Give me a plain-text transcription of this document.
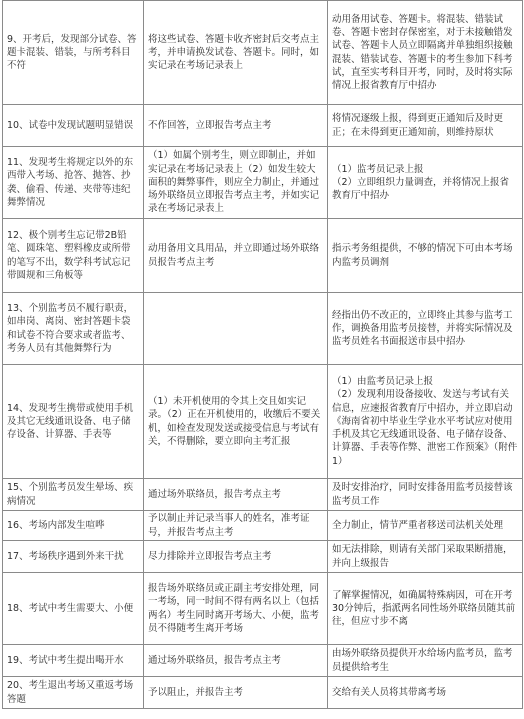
9、开考后，发现部分试卷、答题卡混装、错装，与所考科目不符	将这些试卷、答题卡收齐密封后交考点主考，并申请换发试卷、答题卡。同时，如实记录在考场记录表上	动用备用试卷、答题卡。将混装、错装试卷、答题卡密封存保密室，对于未接触错发试卷、答题卡人员立即隔离并单独组织接触混装、错装试卷、答题卡的考生参加下科考试，直至实考科目开考，同时，及时将实际情况上报省教育厅中招办
10、试卷中发现试题明显错误	不作回答，立即报告考点主考	将情况逐级上报，得到更正通知后及时更正；在未得到更正通知前，则维持原状
11、发现考生将规定以外的东西带入考场、抢答、抛答、抄袭、偷看、传递、夹带等违纪舞弊情况	（1）如属个别考生，则立即制止，并如实记录在考场记录表上（2）如发生较大面积的舞弊事件，则应全力制止，并通过场外联络员立即报告考点主考，并如实记录在考场记录表上	（1）监考员记录上报
（2）立即组织力量调查，并将情况上报省教育厅中招办
12、极个别考生忘记带2B铅笔、圆珠笔、塑料橡皮或所带的笔写不出，数学科考试忘记带圆规和三角板等	动用备用文具用品，并立即通过场外联络员报告考点主考	指示考务组提供，不够的情况下可由本考场内监考员调剂
13、个别监考员不履行职责，如串岗、离岗、密封答题卡袋和试卷不符合要求或者监考、考务人员有其他舞弊行为		经指出仍不改正的，立即终止其参与监考工作，调换备用监考员接替，并将实际情况及监考员姓名书面报送市县中招办
14、发现考生携带或使用手机及其它无线通讯设备、电子储存设备、计算器、手表等	（1）未开机使用的令其上交且如实记录。（2）正在开机使用的，收缴后不要关机，如检查发现发送或接受信息与考试有关，不得删除，要立即向主考汇报	（1）由监考员记录上报
（2）发现利用设备接收、发送与考试有关信息，应速报省教育厅中招办，并立即启动《海南省初中毕业生学业水平考试应对使用手机及其它无线通讯设备、电子储存设备、计算器、手表等作弊、泄密工作预案》（附件1）
15、个别监考员发生晕场、疾病情况	通过场外联络员，报告考点主考	及时安排治疗，同时安排备用监考员接替该监考员工作
16、考场内部发生喧哗	予以制止并记录当事人的姓名，准考证号，并报告考点主考	全力制止，情节严重者移送司法机关处理
17、考场秩序遇到外来干扰	尽力排除并立即报告考点主考	如无法排除，则请有关部门采取果断措施，并向上级报告
18、考试中考生需要大、小便	报告场外联络员或正副主考安排处理，同一考场，同一时间不得有两名以上（包括两名）考生同时离开考场大、小便，监考员不得随考生离开考场	了解掌握情况，如确属特殊病因，可在开考30分钟后，指派两名同性场外联络员随其前往，但应寸步不离
19、考试中考生提出喝开水	通过场外联络员，报告考点主考	由场外联络员提供开水给场内监考员，监考员提供给考生
20、考生退出考场又重返考场答题	予以阻止，并报告主考	交给有关人员将其带离考场
